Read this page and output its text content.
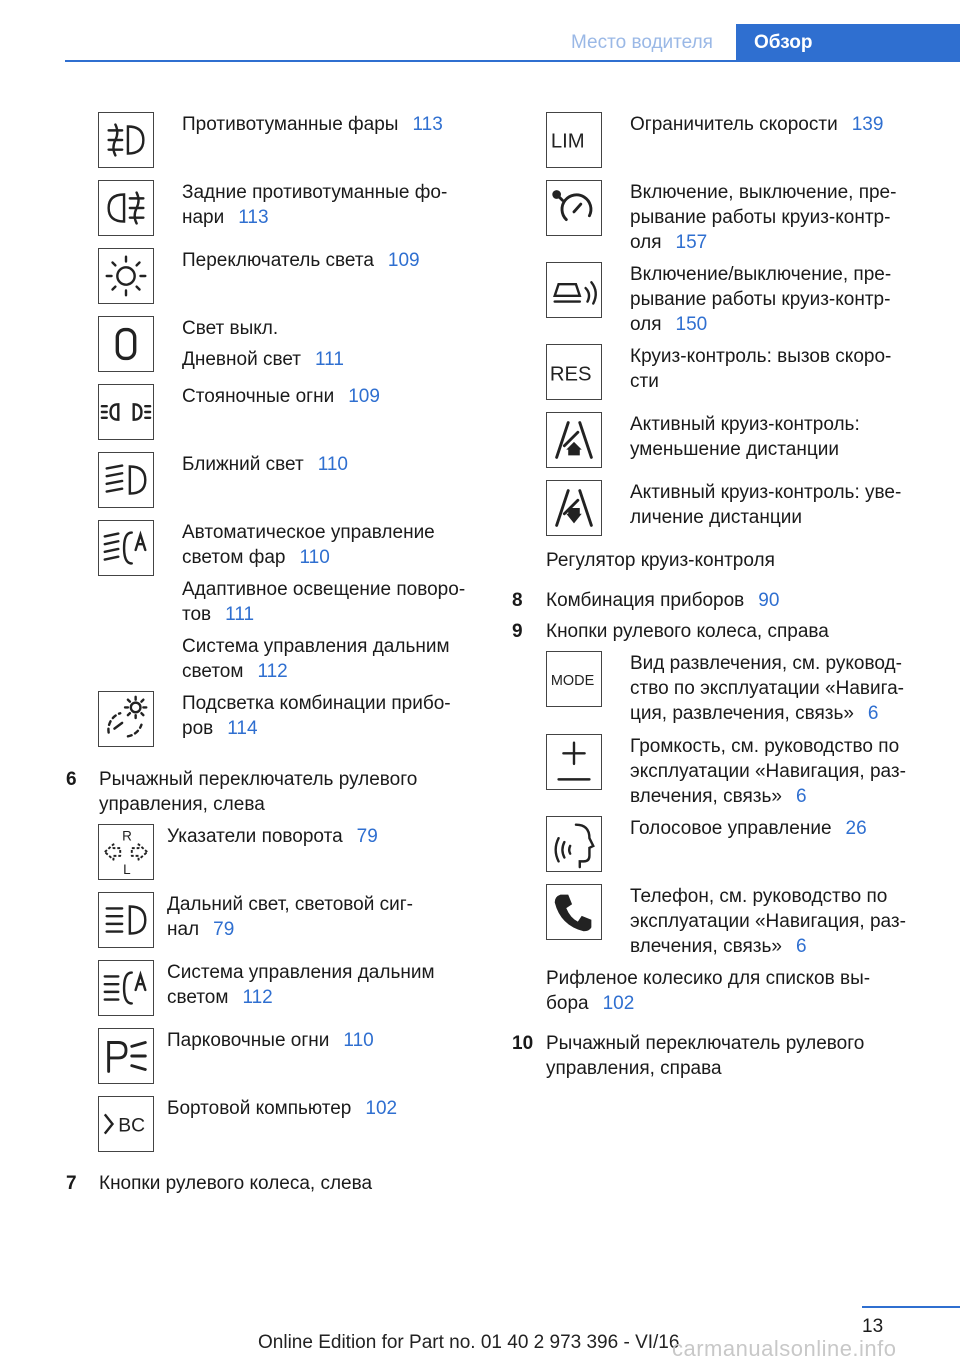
Место водителя	Обзор
Противотуманные фары 113
Задние противотуманные фо-
нари 113
Переключатель света 109
Свет выкл.
Дневной свет 111
Стояночные огни 109
Ближний свет 110
Автоматическое управление
светом фар 110
Адаптивное освещение поворо-
тов 111
Система управления дальним
светом 112
Подсветка комбинации прибо-
ров 114
6 Рычажный переключатель рулевого
управления, слева
R
L
Указатели поворота 79
Дальний свет, световой сиг-
нал 79
Система управления дальним
светом 112
Парковочные огни 110
BC
Бортовой компьютер 102
7 Кнопки рулевого колеса, слева
LIM
Ограничитель скорости 139
Включение, выключение, пре-
рывание работы круиз-контр-
оля 157
Включение/выключение, пре-
рывание работы круиз-контр-
оля 150
RES
Круиз-контроль: вызов скоро-
сти
Активный круиз-контроль:
уменьшение дистанции
Активный круиз-контроль: уве-
личение дистанции
Регулятор круиз-контроля
8 Комбинация приборов 90
9 Кнопки рулевого колеса, справа
MODE
Вид развлечения, см. руковод-
ство по эксплуатации «Навига-
ция, развлечения, связь» 6
Громкость, см. руководство по
эксплуатации «Навигация, раз-
влечения, связь» 6
Голосовое управление 26
Телефон, см. руководство по
эксплуатации «Навигация, раз-
влечения, связь» 6
Рифленое колесико для списков вы-
бора 102
10 Рычажный переключатель рулевого
управления, справа
13
Online Edition for Part no. 01 40 2 973 396 - VI/16
carmanualsonline.info
